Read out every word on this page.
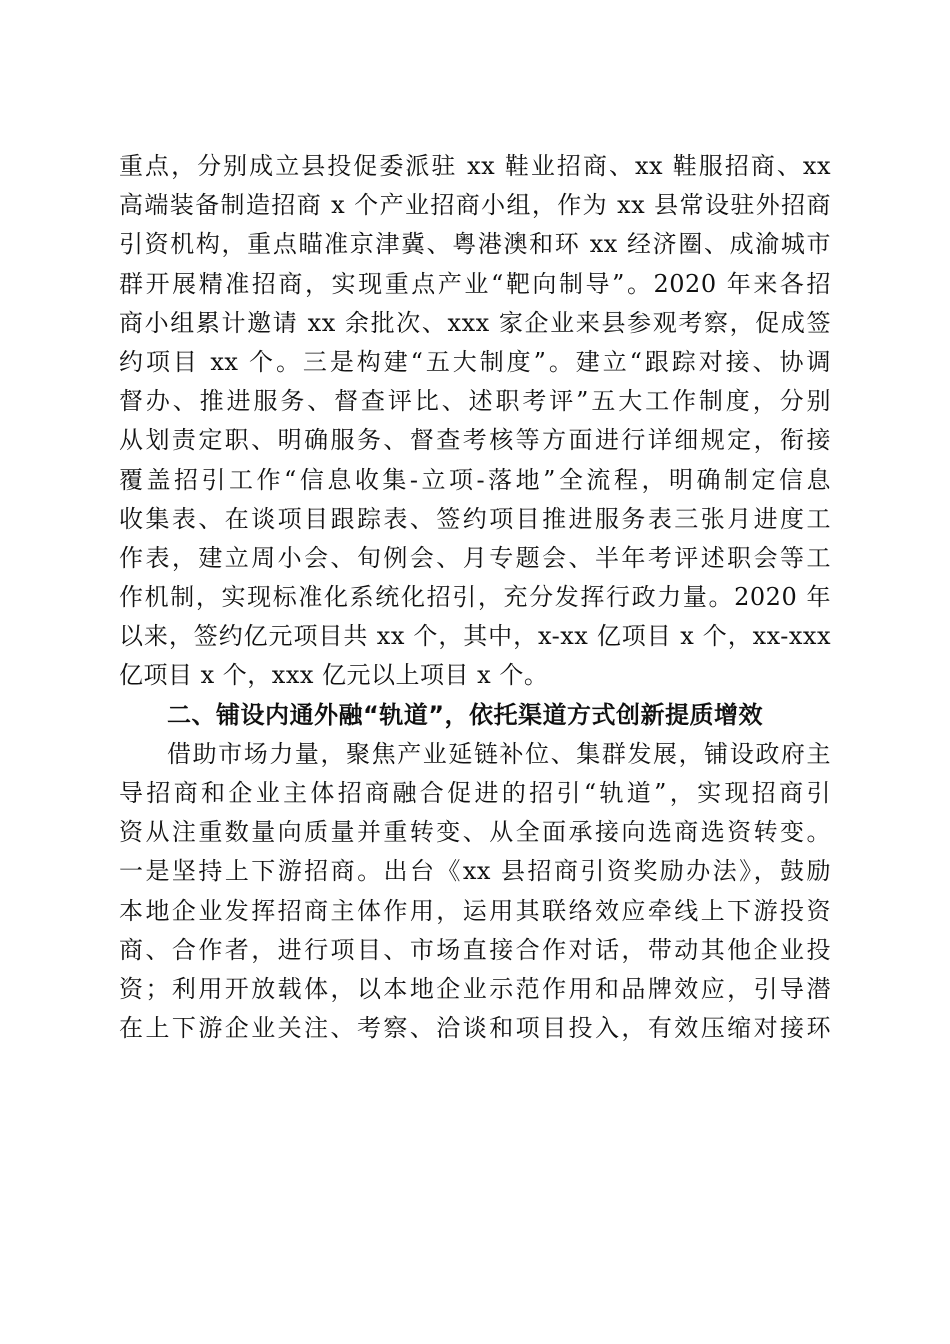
重点，分别成立县投促委派驻 xx 鞋业招商、xx 鞋服招商、xx
高端装备制造招商 x 个产业招商小组，作为 xx 县常设驻外招商
引资机构，重点瞄准京津冀、粤港澳和环 xx 经济圈、成渝城市
群开展精准招商，实现重点产业“靶向制导”。2020 年来各招
商小组累计邀请 xx 余批次、xxx 家企业来县参观考察，促成签
约项目 xx 个。三是构建“五大制度”。建立“跟踪对接、协调
督办、推进服务、督查评比、述职考评”五大工作制度，分别
从划责定职、明确服务、督查考核等方面进行详细规定，衔接
覆盖招引工作“信息收集-立项-落地”全流程，明确制定信息
收集表、在谈项目跟踪表、签约项目推进服务表三张月进度工
作表，建立周小会、旬例会、月专题会、半年考评述职会等工
作机制，实现标准化系统化招引，充分发挥行政力量。2020 年
以来，签约亿元项目共 xx 个，其中，x-xx 亿项目 x 个，xx-xxx
亿项目 x 个，xxx 亿元以上项目 x 个。
二、铺设内通外融“轨道”，依托渠道方式创新提质增效
借助市场力量，聚焦产业延链补位、集群发展，铺设政府主
导招商和企业主体招商融合促进的招引“轨道”，实现招商引
资从注重数量向质量并重转变、从全面承接向选商选资转变。
一是坚持上下游招商。出台《xx 县招商引资奖励办法》，鼓励
本地企业发挥招商主体作用，运用其联络效应牵线上下游投资
商、合作者，进行项目、市场直接合作对话，带动其他企业投
资；利用开放载体，以本地企业示范作用和品牌效应，引导潜
在上下游企业关注、考察、洽谈和项目投入，有效压缩对接环
